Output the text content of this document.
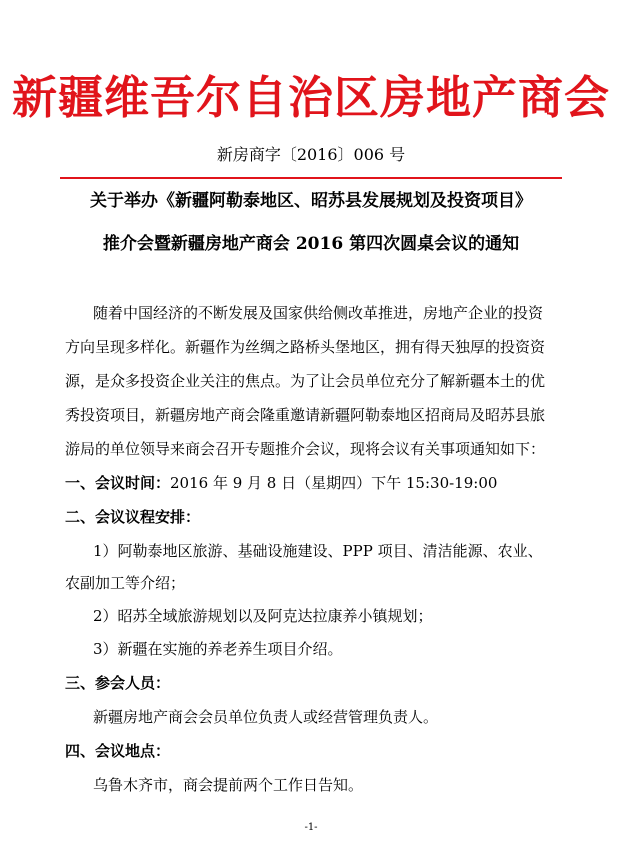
新疆维吾尔自治区房地产商会
新房商字〔2016〕006 号
关于举办《新疆阿勒泰地区、昭苏县发展规划及投资项目》
推介会暨新疆房地产商会 2016 第四次圆桌会议的通知
随着中国经济的不断发展及国家供给侧改革推进，房地产企业的投资
方向呈现多样化。新疆作为丝绸之路桥头堡地区，拥有得天独厚的投资资
源，是众多投资企业关注的焦点。为了让会员单位充分了解新疆本土的优
秀投资项目，新疆房地产商会隆重邀请新疆阿勒泰地区招商局及昭苏县旅
游局的单位领导来商会召开专题推介会议，现将会议有关事项通知如下：
一、会议时间：2016 年 9 月 8 日（星期四）下午 15:30-19:00
二、会议议程安排：
1）阿勒泰地区旅游、基础设施建设、PPP 项目、清洁能源、农业、
农副加工等介绍；
2）昭苏全域旅游规划以及阿克达拉康养小镇规划；
3）新疆在实施的养老养生项目介绍。
三、参会人员：
新疆房地产商会会员单位负责人或经营管理负责人。
四、会议地点：
乌鲁木齐市，商会提前两个工作日告知。
-1-
